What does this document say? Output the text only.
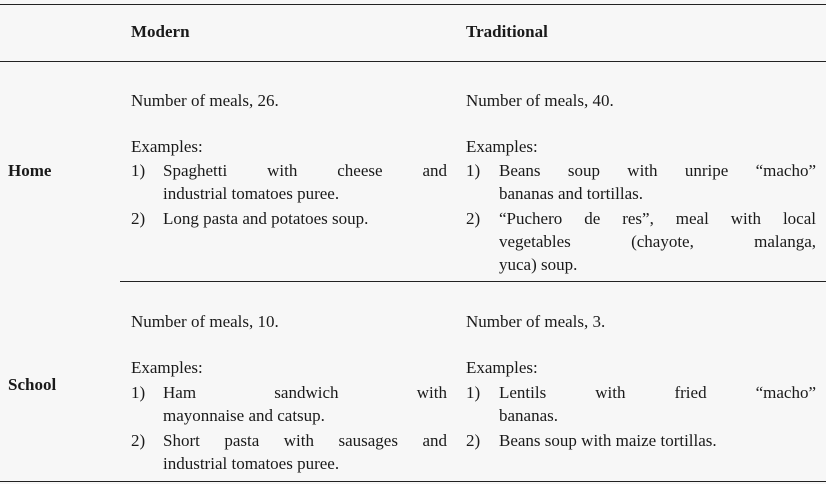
Modern	Traditional
Home
Number of meals, 26.
Examples:
1) Spaghetti with cheese and
industrial tomatoes puree.
2) Long pasta and potatoes soup.
Number of meals, 40.
Examples:
1) Beans soup with unripe “macho”
bananas and tortillas.
2) “Puchero de res”, meal with local
vegetables (chayote, malanga,
yuca) soup.
School
Number of meals, 10.
Examples:
1) Ham sandwich with
mayonnaise and catsup.
2) Short pasta with sausages and
industrial tomatoes puree.
Number of meals, 3.
Examples:
1) Lentils with fried “macho”
bananas.
2) Beans soup with maize tortillas.
